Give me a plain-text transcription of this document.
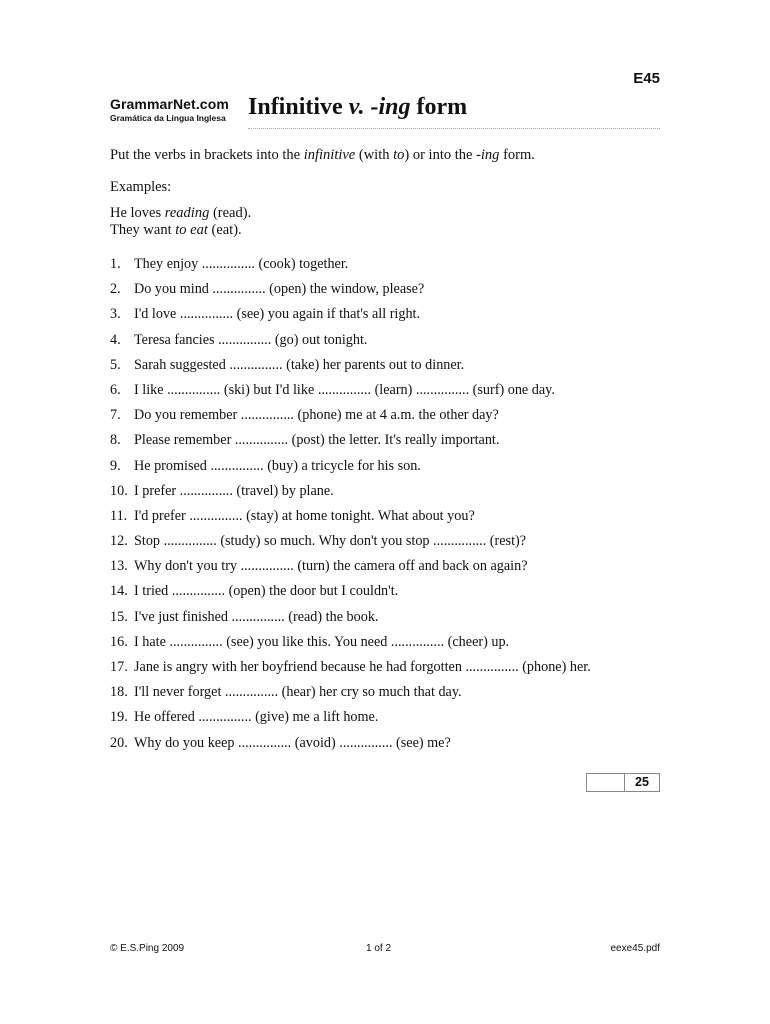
E45
GrammarNet.com
Gramática da Língua Inglesa Infinitive v. -ing form
Put the verbs in brackets into the infinitive (with to) or into the -ing form.
Examples:
He loves reading (read).
They want to eat (eat).
1. They enjoy ............... (cook) together.
2. Do you mind ............... (open) the window, please?
3. I'd love ............... (see) you again if that's all right.
4. Teresa fancies ............... (go) out tonight.
5. Sarah suggested ............... (take) her parents out to dinner.
6. I like ............... (ski) but I'd like ............... (learn) ............... (surf) one day.
7. Do you remember ............... (phone) me at 4 a.m. the other day?
8. Please remember ............... (post) the letter. It's really important.
9. He promised ............... (buy) a tricycle for his son.
10. I prefer ............... (travel) by plane.
11. I'd prefer ............... (stay) at home tonight. What about you?
12. Stop ............... (study) so much. Why don't you stop ............... (rest)?
13. Why don't you try ............... (turn) the camera off and back on again?
14. I tried ............... (open) the door but I couldn't.
15. I've just finished ............... (read) the book.
16. I hate ............... (see) you like this. You need ............... (cheer) up.
17. Jane is angry with her boyfriend because he had forgotten ............... (phone) her.
18. I'll never forget ............... (hear) her cry so much that day.
19. He offered ............... (give) me a lift home.
20. Why do you keep ............... (avoid) ............... (see) me?
25
© E.S.Ping 2009	1 of 2	eexe45.pdf
